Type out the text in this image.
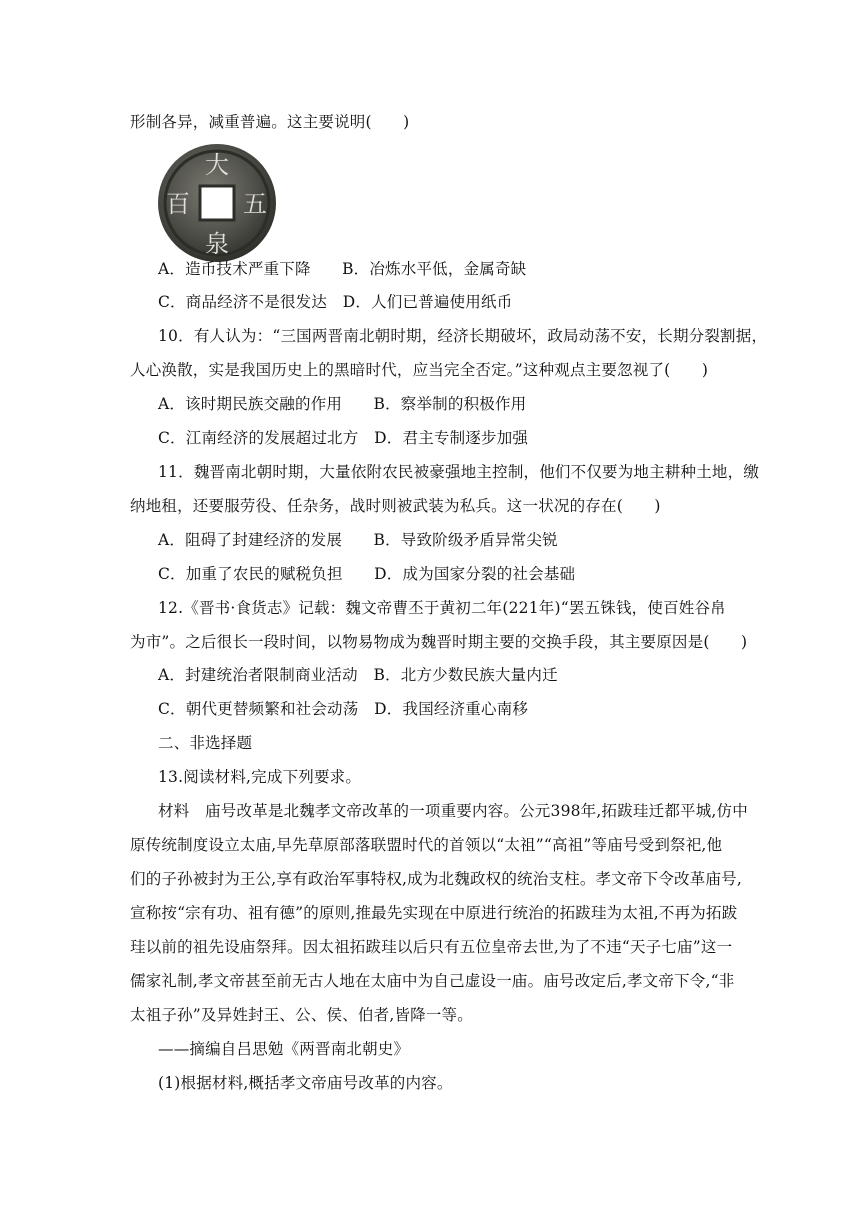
形制各异，减重普遍。这主要说明(　　)
大
泉
五
百
A．造币技术严重下降　　B．冶炼水平低，金属奇缺
C．商品经济不是很发达　D．人们已普遍使用纸币
10．有人认为：“三国两晋南北朝时期，经济长期破坏，政局动荡不安，长期分裂割据，
人心涣散，实是我国历史上的黑暗时代，应当完全否定。”这种观点主要忽视了(　　)
A．该时期民族交融的作用　　B．察举制的积极作用
C．江南经济的发展超过北方　D．君主专制逐步加强
11．魏晋南北朝时期，大量依附农民被豪强地主控制，他们不仅要为地主耕种土地，缴
纳地租，还要服劳役、任杂务，战时则被武装为私兵。这一状况的存在(　　)
A．阻碍了封建经济的发展　　B．导致阶级矛盾异常尖锐
C．加重了农民的赋税负担　　D．成为国家分裂的社会基础
12.《晋书·食货志》记载：魏文帝曹丕于黄初二年(221年)“罢五铢钱，使百姓谷帛
为市”。之后很长一段时间，以物易物成为魏晋时期主要的交换手段，其主要原因是(　　)
A．封建统治者限制商业活动　B．北方少数民族大量内迁
C．朝代更替频繁和社会动荡　D．我国经济重心南移
二、非选择题
13.阅读材料,完成下列要求。
材料　庙号改革是北魏孝文帝改革的一项重要内容。公元398年,拓跋珪迁都平城,仿中
原传统制度设立太庙,早先草原部落联盟时代的首领以“太祖”“高祖”等庙号受到祭祀,他
们的子孙被封为王公,享有政治军事特权,成为北魏政权的统治支柱。孝文帝下令改革庙号,
宣称按“宗有功、祖有德”的原则,推最先实现在中原进行统治的拓跋珪为太祖,不再为拓跋
珪以前的祖先设庙祭拜。因太祖拓跋珪以后只有五位皇帝去世,为了不违“天子七庙”这一
儒家礼制,孝文帝甚至前无古人地在太庙中为自己虚设一庙。庙号改定后,孝文帝下令,“非
太祖子孙”及异姓封王、公、侯、伯者,皆降一等。
——摘编自吕思勉《两晋南北朝史》
(1)根据材料,概括孝文帝庙号改革的内容。
